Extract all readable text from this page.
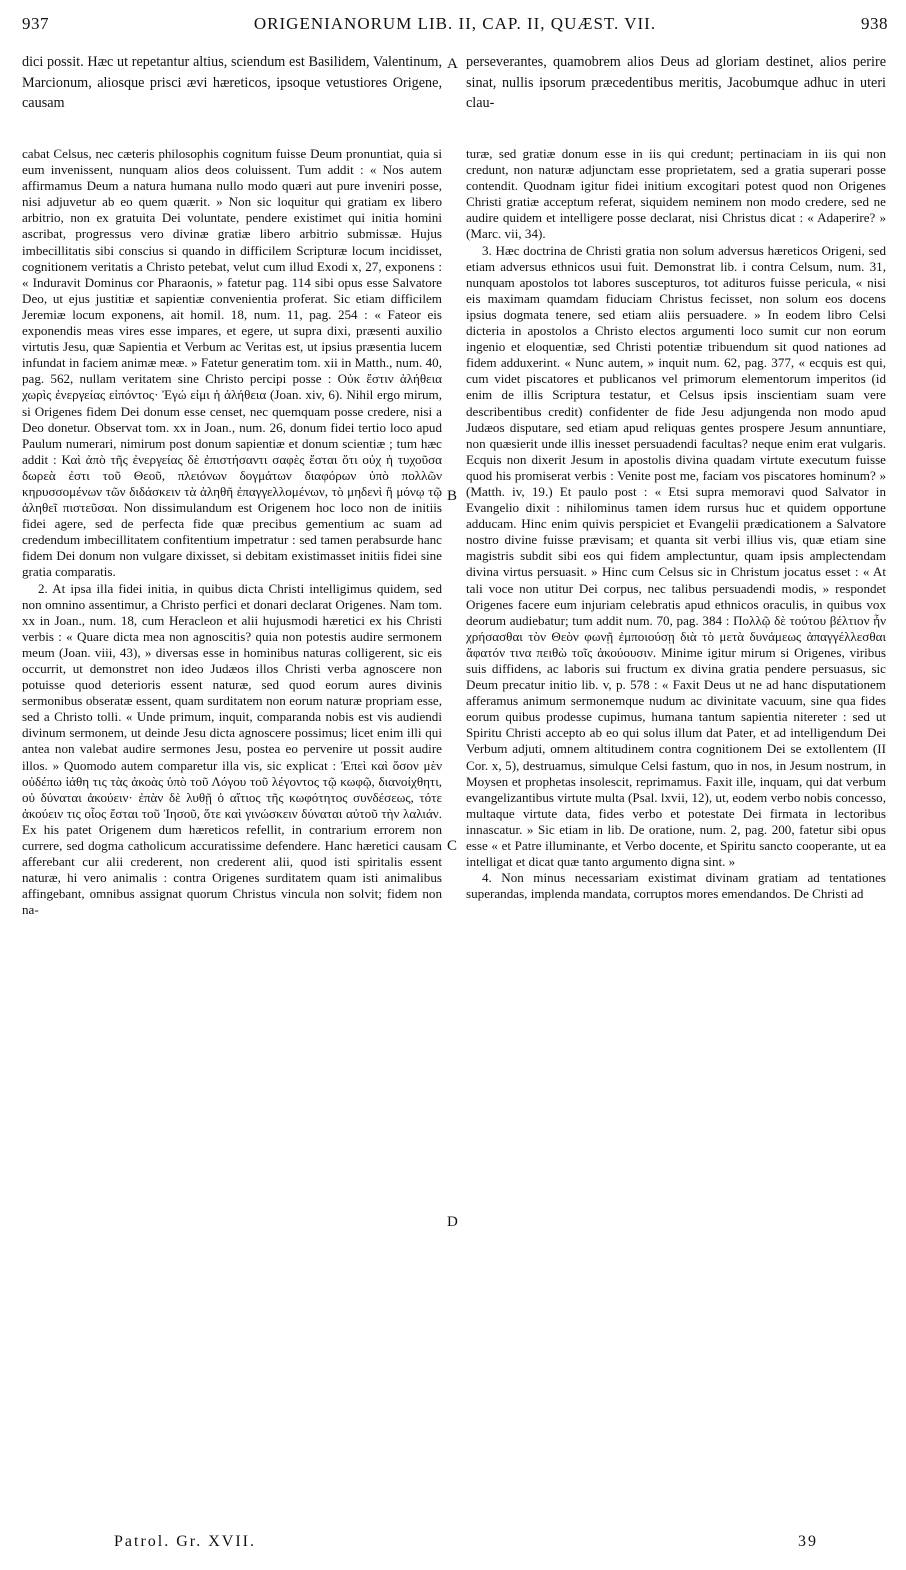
937	ORIGENIANORUM LIB. II, CAP. II, QUÆST. VII.	938

dici possit. Hæc ut repetantur altius, sciendum est Basilidem, Valentinum, Marcionum, aliosque prisci ævi hæreticos, ipsoque vetustiores Origene, causam

perseverantes, quamobrem alios Deus ad gloriam destinet, alios perire sinat, nullis ipsorum præcedentibus meritis, Jacobumque adhuc in uteri clau-

A
B
C
D

cabat Celsus, nec cæteris philosophis cognitum fuisse Deum pronuntiat, quia si eum invenissent, nunquam alios deos coluissent. Tum addit : « Nos autem affirmamus Deum a natura humana nullo modo quæri aut pure inveniri posse, nisi adjuvetur ab eo quem quærit. » Non sic loquitur qui gratiam ex libero arbitrio, non ex gratuita Dei voluntate, pendere existimet qui initia homini ascribat, progressus vero divinæ gratiæ libero arbitrio submissæ. Hujus imbecillitatis sibi conscius si quando in difficilem Scripturæ locum incidisset, cognitionem veritatis a Christo petebat, velut cum illud Exodi x, 27, exponens : « Induravit Dominus cor Pharaonis, » fatetur pag. 114 sibi opus esse Salvatore Deo, ut ejus justitiæ et sapientiæ convenientia proferat. Sic etiam difficilem Jeremiæ locum exponens, ait homil. 18, num. 11, pag. 254 : « Fateor eis exponendis meas vires esse impares, et egere, ut supra dixi, præsenti auxilio virtutis Jesu, quæ Sapientia et Verbum ac Veritas est, ut ipsius præsentia lucem infundat in faciem animæ meæ. » Fatetur generatim tom. xii in Matth., num. 40, pag. 562, nullam veritatem sine Christo percipi posse : Οὐκ ἔστιν ἀλήθεια χωρὶς ἐνεργείας εἰπόντος· Ἐγώ εἰμι ἡ ἀλήθεια (Joan. xiv, 6). Nihil ergo mirum, si Origenes fidem Dei donum esse censet, nec quemquam posse credere, nisi a Deo donetur. Observat tom. xx in Joan., num. 26, donum fidei tertio loco apud Paulum numerari, nimirum post donum sapientiæ et donum scientiæ ; tum hæc addit : Καὶ ἀπὸ τῆς ἐνεργείας δὲ ἐπιστήσαντι σαφὲς ἔσται ὅτι οὐχ ἡ τυχοῦσα δωρεὰ ἐστι τοῦ Θεοῦ, πλειόνων δογμάτων διαφόρων ὑπὸ πολλῶν κηρυσσομένων τῶν διδάσκειν τὰ ἀληθῆ ἐπαγγελλομένων, τὸ μηδενὶ ἢ μόνῳ τῷ ἀληθεῖ πιστεῦσαι. Non dissimulandum est Origenem hoc loco non de initiis fidei agere, sed de perfecta fide quæ precibus gementium ac suam ad credendum imbecillitatem confitentium impetratur : sed tamen perabsurde hanc fidem Dei donum non vulgare dixisset, si debitam existimasset initiis fidei sine gratia comparatis.

2. At ipsa illa fidei initia, in quibus dicta Christi intelligimus quidem, sed non omnino assentimur, a Christo perfici et donari declarat Origenes. Nam tom. xx in Joan., num. 18, cum Heracleon et alii hujusmodi hæretici ex his Christi verbis : « Quare dicta mea non agnoscitis? quia non potestis audire sermonem meum (Joan. viii, 43), » diversas esse in hominibus naturas colligerent, sic eis occurrit, ut demonstret non ideo Judæos illos Christi verba agnoscere non potuisse quod deterioris essent naturæ, sed quod eorum aures divinis sermonibus obseratæ essent, quam surditatem non eorum naturæ propriam esse, sed a Christo tolli. « Unde primum, inquit, comparanda nobis est vis audiendi divinum sermonem, ut deinde Jesu dicta agnoscere possimus; licet enim illi qui antea non valebat audire sermones Jesu, postea eo pervenire ut possit audire illos. » Quomodo autem comparetur illa vis, sic explicat : Ἐπεὶ καὶ ὅσον μὲν οὐδέπω ἰάθη τις τὰς ἀκοὰς ὑπὸ τοῦ Λόγου τοῦ λέγοντος τῷ κωφῷ, διανοίχθητι, οὐ δύναται ἀκούειν· ἐπὰν δὲ λυθῇ ὁ αἴτιος τῆς κωφότητος συνδέσεως, τότε ἀκούειν τις οἷος ἔσται τοῦ Ἰησοῦ, ὅτε καὶ γινώσκειν δύναται αὐτοῦ τὴν λαλιάν. Ex his patet Origenem dum hæreticos refellit, in contrarium errorem non currere, sed dogma catholicum accuratissime defendere. Hanc hæretici causam afferebant cur alii crederent, non crederent alii, quod isti spiritalis essent naturæ, hi vero animalis : contra Origenes surditatem quam isti animalibus affingebant, omnibus assignat quorum Christus vincula non solvit; fidem non na-

turæ, sed gratiæ donum esse in iis qui credunt; pertinaciam in iis qui non credunt, non naturæ adjunctam esse proprietatem, sed a gratia superari posse contendit. Quodnam igitur fidei initium excogitari potest quod non Origenes Christi gratiæ acceptum referat, siquidem neminem non modo credere, sed ne audire quidem et intelligere posse declarat, nisi Christus dicat : « Adaperire? » (Marc. vii, 34).

3. Hæc doctrina de Christi gratia non solum adversus hæreticos Origeni, sed etiam adversus ethnicos usui fuit. Demonstrat lib. i contra Celsum, num. 31, nunquam apostolos tot labores suscepturos, tot adituros fuisse pericula, « nisi eis maximam quamdam fiduciam Christus fecisset, non solum eos docens ipsius dogmata tenere, sed etiam aliis persuadere. » In eodem libro Celsi dicteria in apostolos a Christo electos argumenti loco sumit cur non eorum ingenio et eloquentiæ, sed Christi potentiæ tribuendum sit quod nationes ad fidem adduxerint. « Nunc autem, » inquit num. 62, pag. 377, « ecquis est qui, cum videt piscatores et publicanos vel primorum elementorum imperitos (id enim de illis Scriptura testatur, et Celsus ipsis inscientiam suam vere describentibus credit) confidenter de fide Jesu adjungenda non modo apud Judæos disputare, sed etiam apud reliquas gentes prospere Jesum annuntiare, non quæsierit unde illis inesset persuadendi facultas? neque enim erat vulgaris. Ecquis non dixerit Jesum in apostolis divina quadam virtute executum fuisse quod his promiserat verbis : Venite post me, faciam vos piscatores hominum? » (Matth. iv, 19.) Et paulo post : « Etsi supra memoravi quod Salvator in Evangelio dixit : nihilominus tamen idem rursus huc et quidem opportune adducam. Hinc enim quivis perspiciet et Evangelii prædicationem a Salvatore nostro divine fuisse prævisam; et quanta sit verbi illius vis, quæ etiam sine magistris subdit sibi eos qui fidem amplectuntur, quam ipsis amplectendam divina virtus persuasit. » Hinc cum Celsus sic in Christum jocatus esset : « At tali voce non utitur Dei corpus, nec talibus persuadendi modis, » respondet Origenes facere eum injuriam celebratis apud ethnicos oraculis, in quibus vox deorum audiebatur; tum addit num. 70, pag. 384 : Πολλῷ δὲ τούτου βέλτιον ἦν χρήσασθαι τὸν Θεὸν φωνῇ ἐμποιούσῃ διὰ τὸ μετὰ δυνάμεως ἀπαγγέλλεσθαι ἄφατόν τινα πειθὼ τοῖς ἀκούουσιν. Minime igitur mirum si Origenes, viribus suis diffidens, ac laboris sui fructum ex divina gratia pendere persuasus, sic Deum precatur initio lib. v, p. 578 : « Faxit Deus ut ne ad hanc disputationem afferamus animum sermonemque nudum ac divinitate vacuum, sine qua fides eorum quibus prodesse cupimus, humana tantum sapientia nitereter : sed ut Spiritu Christi accepto ab eo qui solus illum dat Pater, et ad intelligendum Dei Verbum adjuti, omnem altitudinem contra cognitionem Dei se extollentem (II Cor. x, 5), destruamus, simulque Celsi fastum, quo in nos, in Jesum nostrum, in Moysen et prophetas insolescit, reprimamus. Faxit ille, inquam, qui dat verbum evangelizantibus virtute multa (Psal. lxvii, 12), ut, eodem verbo nobis concesso, multaque virtute data, fides verbo et potestate Dei firmata in lectoribus innascatur. » Sic etiam in lib. De oratione, num. 2, pag. 200, fatetur sibi opus esse « et Patre illuminante, et Verbo docente, et Spiritu sancto cooperante, ut ea intelligat et dicat quæ tanto argumento digna sint. »

4. Non minus necessariam existimat divinam gratiam ad tentationes superandas, implenda mandata, corruptos mores emendandos. De Christi ad

Patrol. Gr. XVII.	39
